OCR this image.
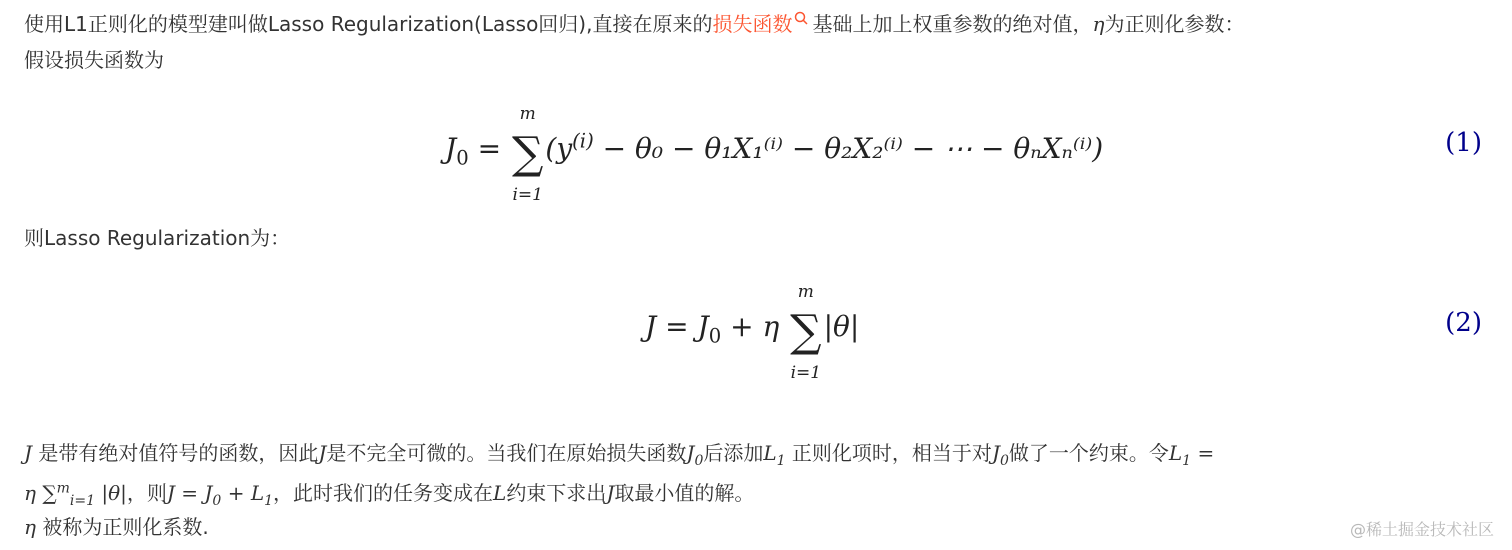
使用L1正则化的模型建叫做Lasso Regularization(Lasso回归),直接在原来的损失函数 基础上加上权重参数的绝对值，η为正则化参数：
假设损失函数为
$J_0$ = ∑
m
i=1
($y^{(i)} - \theta_0 - \theta_1X_1^{(i)} - \theta_2X_2^{(i)}$ − ⋯ − θₙXₙ⁽ⁱ⁾)	(1)
则Lasso Regularization为：
$J = J_0 + \eta$ ∑
m
i=1
|θ|	(2)
J 是带有绝对值符号的函数，因此J是不完全可微的。当我们在原始损失函数$J_0$后添加$L_1$ 正则化项时，相当于对$J_0$做了一个约束。令$L_1$ =
η ∑$^m_{i=1}$ |θ|，则$J = J_0 + L_1$，此时我们的任务变成在L约束下求出J取最小值的解。
η 被称为正则化系数.	@稀土掘金技术社区
